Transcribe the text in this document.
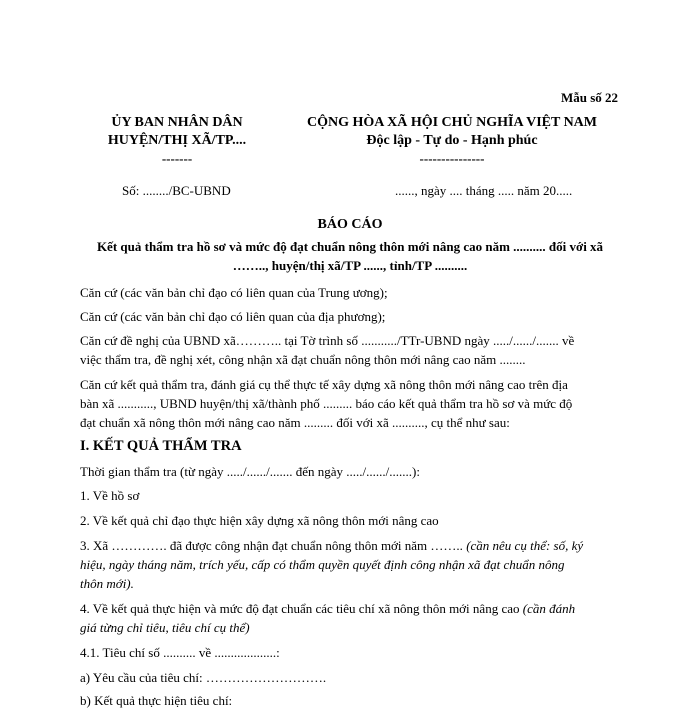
Mẫu số 22
ỦY BAN NHÂN DÂN
HUYỆN/THỊ XÃ/TP....
-------
CỘNG HÒA XÃ HỘI CHỦ NGHĨA VIỆT NAM
Độc lập - Tự do - Hạnh phúc
---------------
Số: ......../BC-UBND	......, ngày .... tháng ..... năm 20.....
BÁO CÁO
Kết quả thẩm tra hồ sơ và mức độ đạt chuẩn nông thôn mới nâng cao năm .......... đối với xã
…….., huyện/thị xã/TP ......, tỉnh/TP ..........
Căn cứ (các văn bản chỉ đạo có liên quan của Trung ương);
Căn cứ (các văn bản chỉ đạo có liên quan của địa phương);
Căn cứ đề nghị của UBND xã……….. tại Tờ trình số .........../TTr-UBND ngày ...../....../....... về
việc thẩm tra, đề nghị xét, công nhận xã đạt chuẩn nông thôn mới nâng cao năm ........
Căn cứ kết quả thẩm tra, đánh giá cụ thể thực tế xây dựng xã nông thôn mới nâng cao trên địa
bàn xã ..........., UBND huyện/thị xã/thành phố ......... báo cáo kết quả thẩm tra hồ sơ và mức độ
đạt chuẩn xã nông thôn mới nâng cao năm ......... đối với xã .........., cụ thể như sau:
I. KẾT QUẢ THẨM TRA
Thời gian thẩm tra (từ ngày ...../....../....... đến ngày ...../....../.......):
1. Về hồ sơ
2. Về kết quả chỉ đạo thực hiện xây dựng xã nông thôn mới nâng cao
3. Xã …………. đã được công nhận đạt chuẩn nông thôn mới năm …….. (cần nêu cụ thể: số, ký
hiệu, ngày tháng năm, trích yếu, cấp có thẩm quyền quyết định công nhận xã đạt chuẩn nông
thôn mới).
4. Về kết quả thực hiện và mức độ đạt chuẩn các tiêu chí xã nông thôn mới nâng cao (cần đánh
giá từng chỉ tiêu, tiêu chí cụ thể)
4.1. Tiêu chí số .......... về ...................:
a) Yêu cầu của tiêu chí: ……………………….
b) Kết quả thực hiện tiêu chí:
